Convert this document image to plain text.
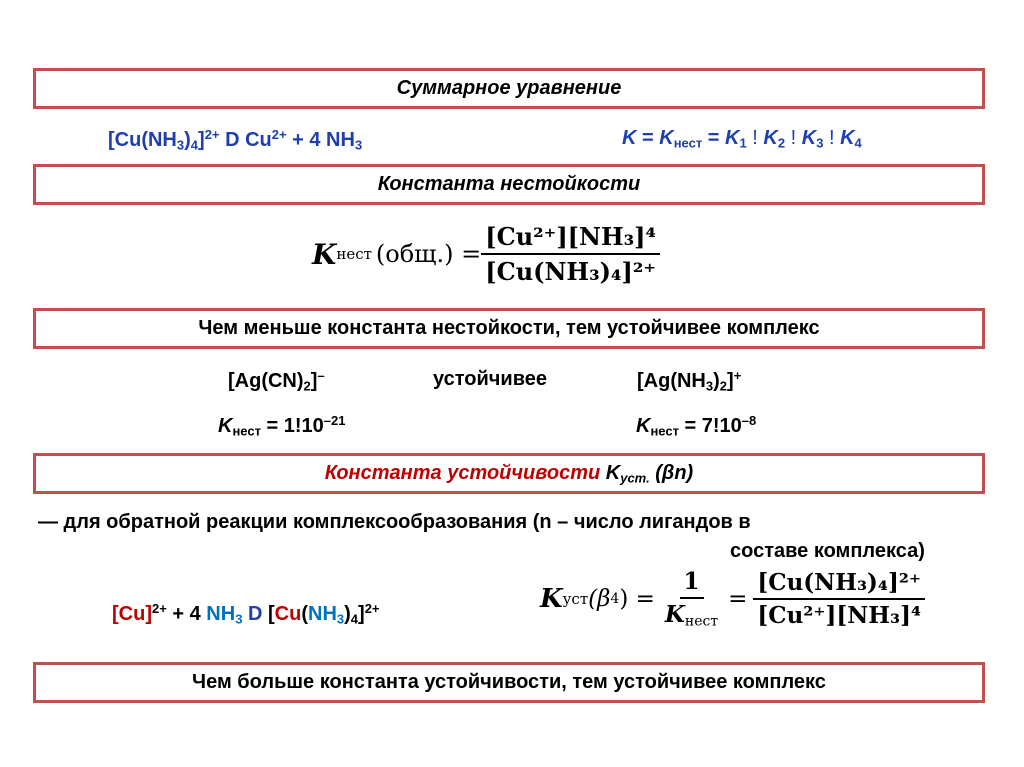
Суммарное уравнение
$[Cu(NH_3)_4]^{2+}$ D $Cu^{2+} + 4$ $NH_3$	$K = K_{нест} = K_1$ ! $K_2$ ! $K_3$ ! $K_4$
Константа нестойкости
K нест $(общ.) = \frac{\text{[Cu²⁺][NH₃]⁴}}{\text{[Cu(NH₃)₄]²⁺}}$
Чем меньше константа нестойкости, тем устойчивее комплекс
$[Ag(CN)_2]^-$	устойчивее	$[Ag(NH_3)_2]^+$
$K_{нест} = 1!10^{-21}$	$K_{нест} = 7!10^{-8}$
Константа устойчивости $K_{уст.}$ (βn)
— для обратной реакции комплексообразования (n – число лигандов в
составе комплекса)
$[Cu]^{2+} + 4$ $NH_3$ D $[Cu(NH_3)_4]^{2+}$	K уст (β 4 ) = $\frac{1}{K_{нест}} = \frac{\text{[Cu(NH₃)₄]²⁺}}{\text{[Cu²⁺][NH₃]⁴}}$
Чем больше константа устойчивости, тем устойчивее комплекс
